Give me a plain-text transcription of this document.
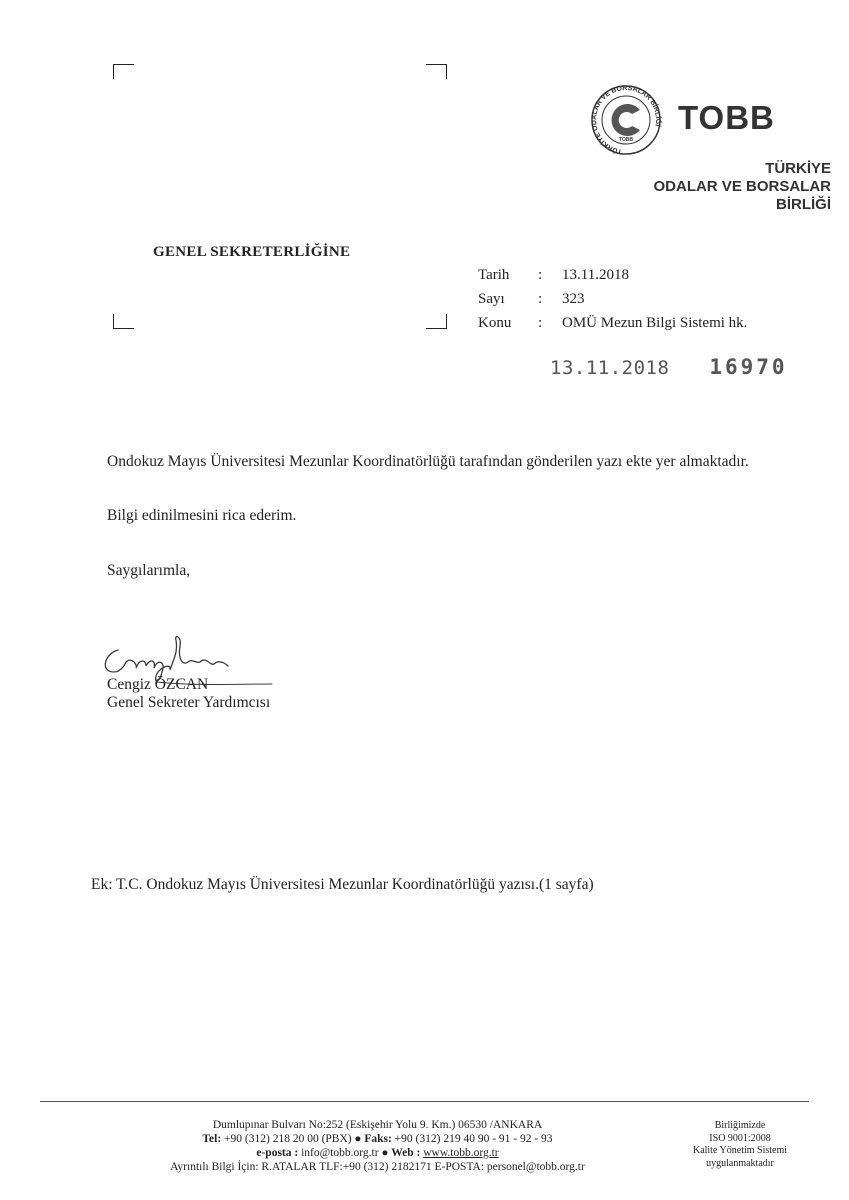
TÜRKİYE ODALAR VE BORSALAR BİRLİĞİ
TOBB
TOBB
TÜRKİYE
ODALAR VE BORSALAR
BİRLİĞİ
GENEL SEKRETERLİĞİNE
Tarih	:	13.11.2018
Sayı	:	323
Konu	:	OMÜ Mezun Bilgi Sistemi hk.
13.11.2018 16970
Ondokuz Mayıs Üniversitesi Mezunlar Koordinatörlüğü tarafından gönderilen yazı ekte yer almaktadır.
Bilgi edinilmesini rica ederim.
Saygılarımla,
Cengiz ÖZCAN
Genel Sekreter Yardımcısı
Ek: T.C. Ondokuz Mayıs Üniversitesi Mezunlar Koordinatörlüğü yazısı.(1 sayfa)
Dumlupınar Bulvarı No:252 (Eskişehir Yolu 9. Km.) 06530 /ANKARA
Tel: +90 (312) 218 20 00 (PBX) ● Faks: +90 (312) 219 40 90 - 91 - 92 - 93
e-posta : info@tobb.org.tr ● Web : www.tobb.org.tr
Ayrıntılı Bilgi İçin: R.ATALAR TLF:+90 (312) 2182171 E-POSTA: personel@tobb.org.tr
Birliğimizde
ISO 9001:2008
Kalite Yönetim Sistemi
uygulanmaktadır
